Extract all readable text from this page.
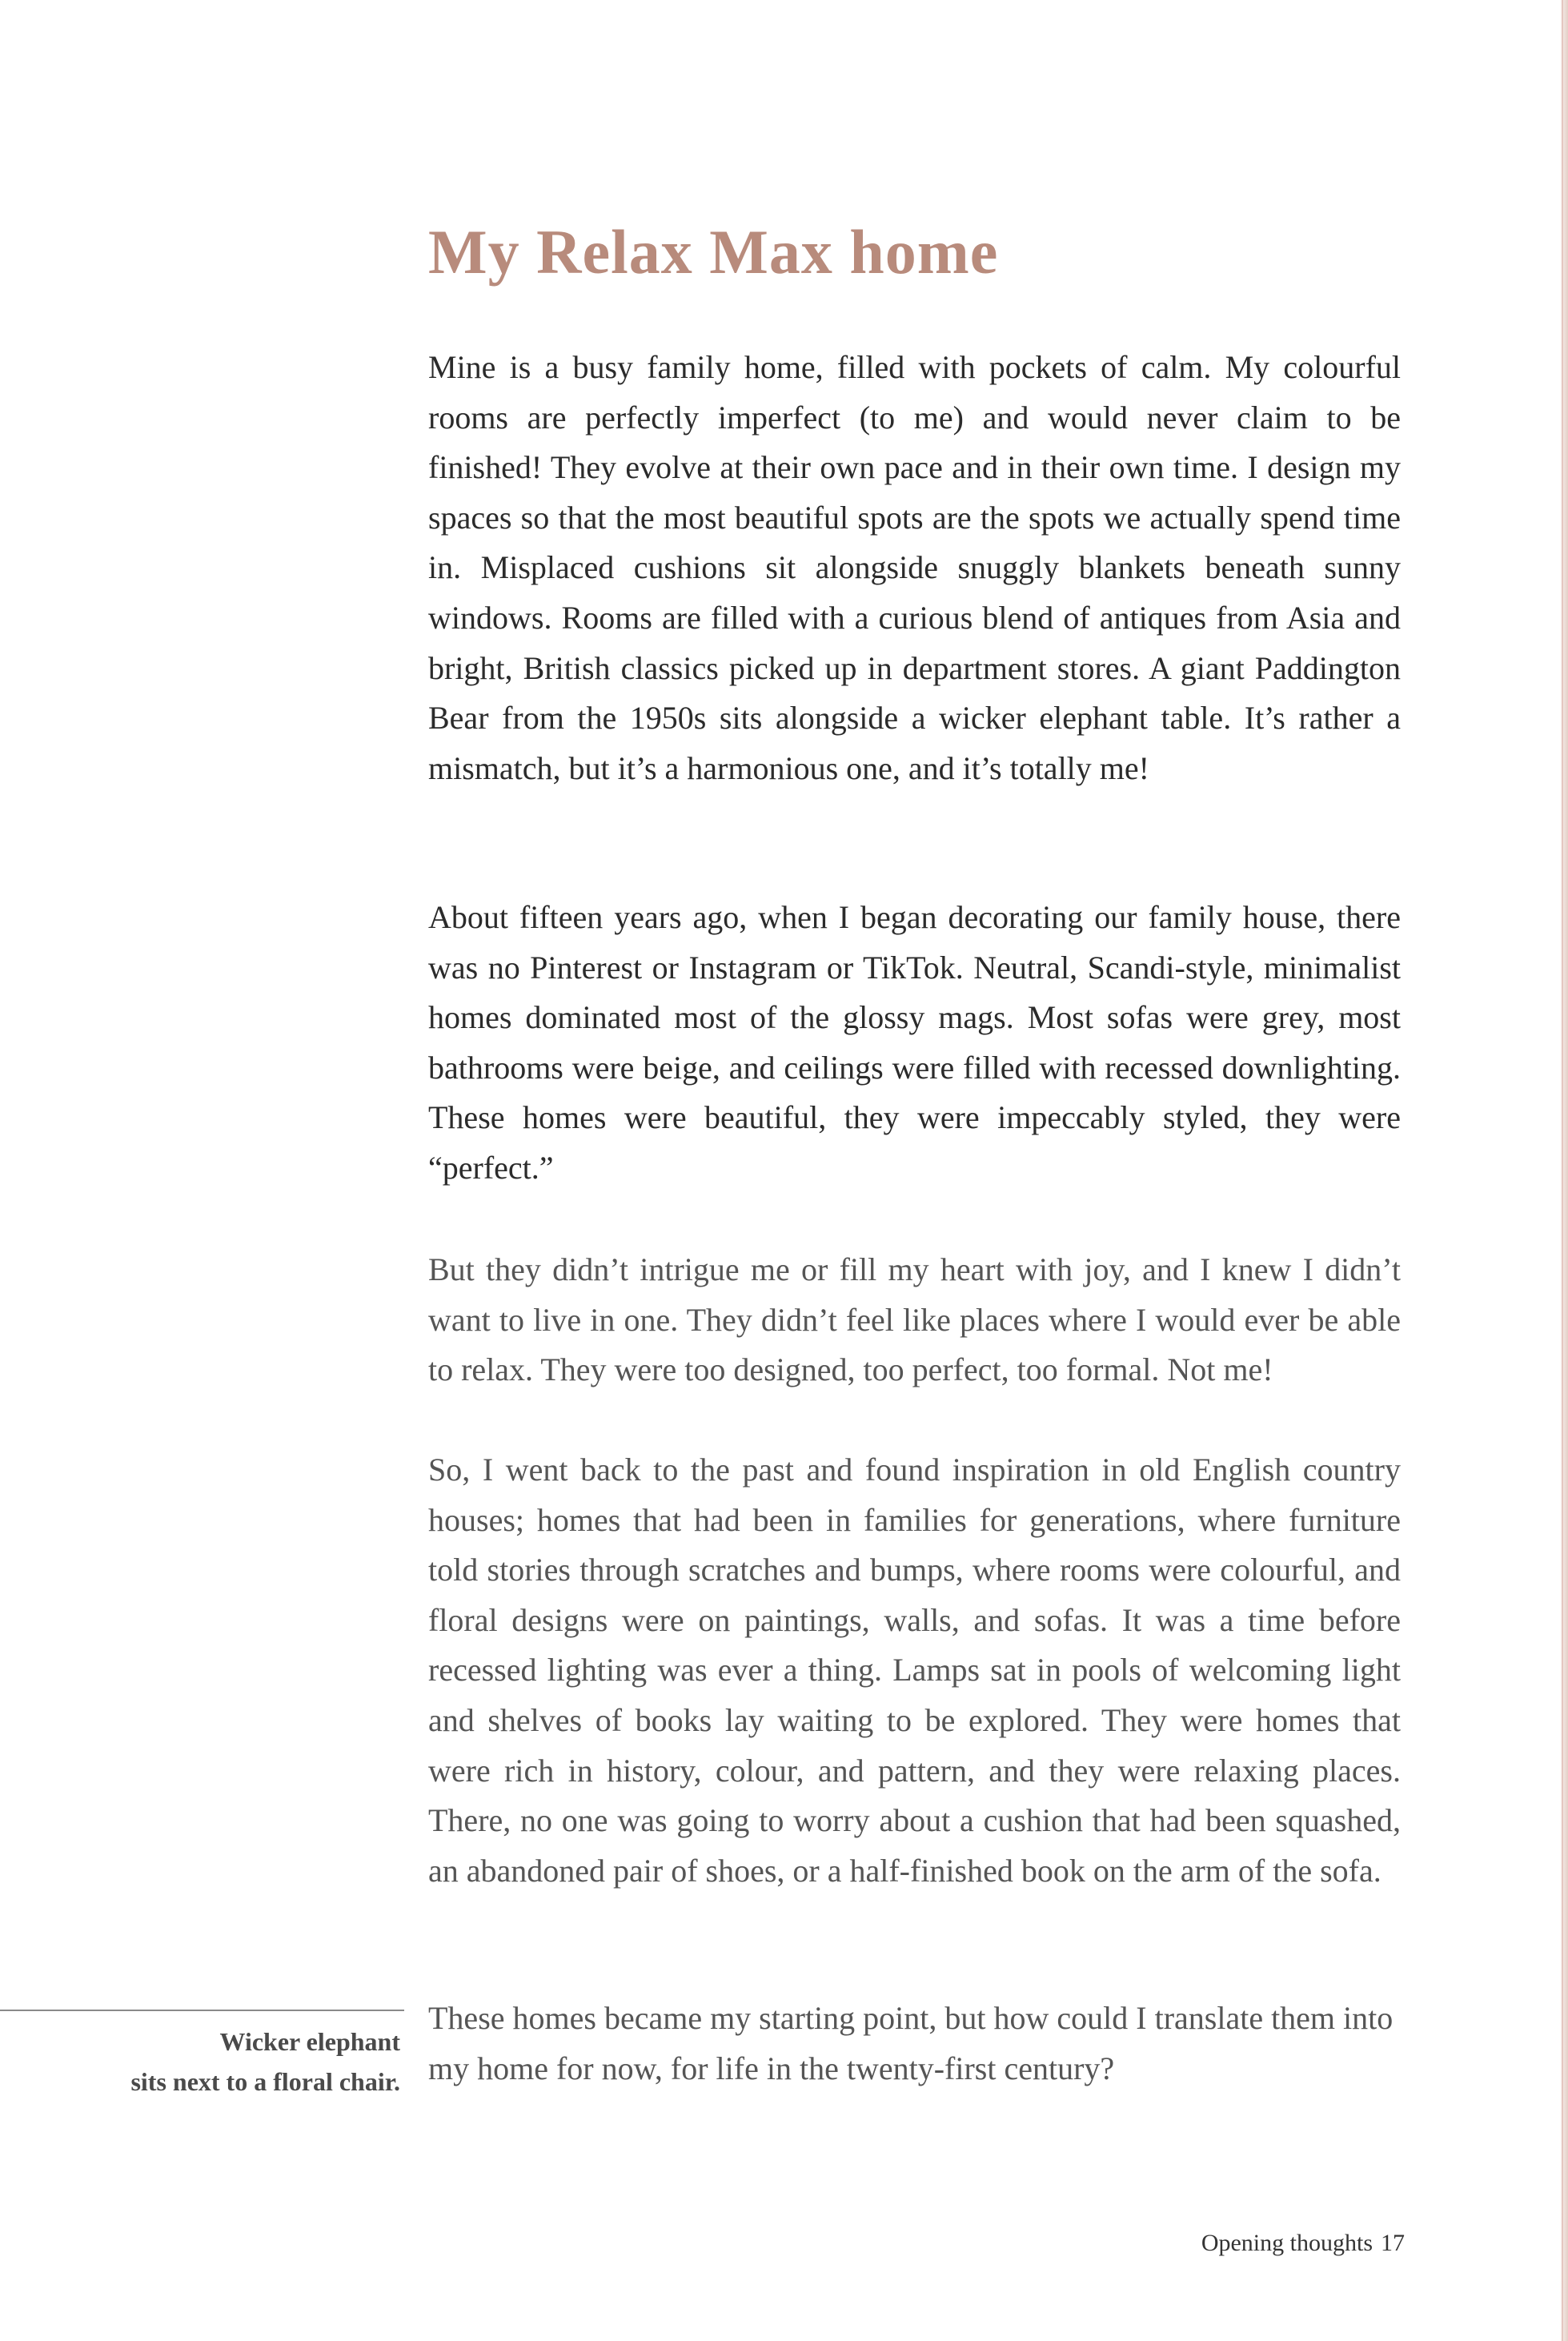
My Relax Max home

Mine is a busy family home, filled with pockets of calm. My colourful rooms are perfectly imperfect (to me) and would never claim to be finished! They evolve at their own pace and in their own time. I design my spaces so that the most beautiful spots are the spots we actually spend time in. Misplaced cushions sit alongside snuggly blankets beneath sunny windows. Rooms are filled with a curious blend of antiques from Asia and bright, British classics picked up in department stores. A giant Paddington Bear from the 1950s sits alongside a wicker elephant table. It’s rather a mismatch, but it’s a harmonious one, and it’s totally me!

About fifteen years ago, when I began decorating our family house, there was no Pinterest or Instagram or TikTok. Neutral, Scandi-style, minimalist homes dominated most of the glossy mags. Most sofas were grey, most bathrooms were beige, and ceilings were filled with recessed downlighting. These homes were beautiful, they were impeccably styled, they were “perfect.”

But they didn’t intrigue me or fill my heart with joy, and I knew I didn’t want to live in one. They didn’t feel like places where I would ever be able to relax. They were too designed, too perfect, too formal. Not me!

So, I went back to the past and found inspiration in old English country houses; homes that had been in families for generations, where furniture told stories through scratches and bumps, where rooms were colourful, and floral designs were on paintings, walls, and sofas. It was a time before recessed lighting was ever a thing. Lamps sat in pools of welcoming light and shelves of books lay waiting to be explored. They were homes that were rich in history, colour, and pattern, and they were relaxing places. There, no one was going to worry about a cushion that had been squashed, an abandoned pair of shoes, or a half-finished book on the arm of the sofa.

These homes became my starting point, but how could I translate them into my home for now, for life in the twenty-first century?

Wicker elephant
sits next to a floral chair.

Opening thoughts 17
